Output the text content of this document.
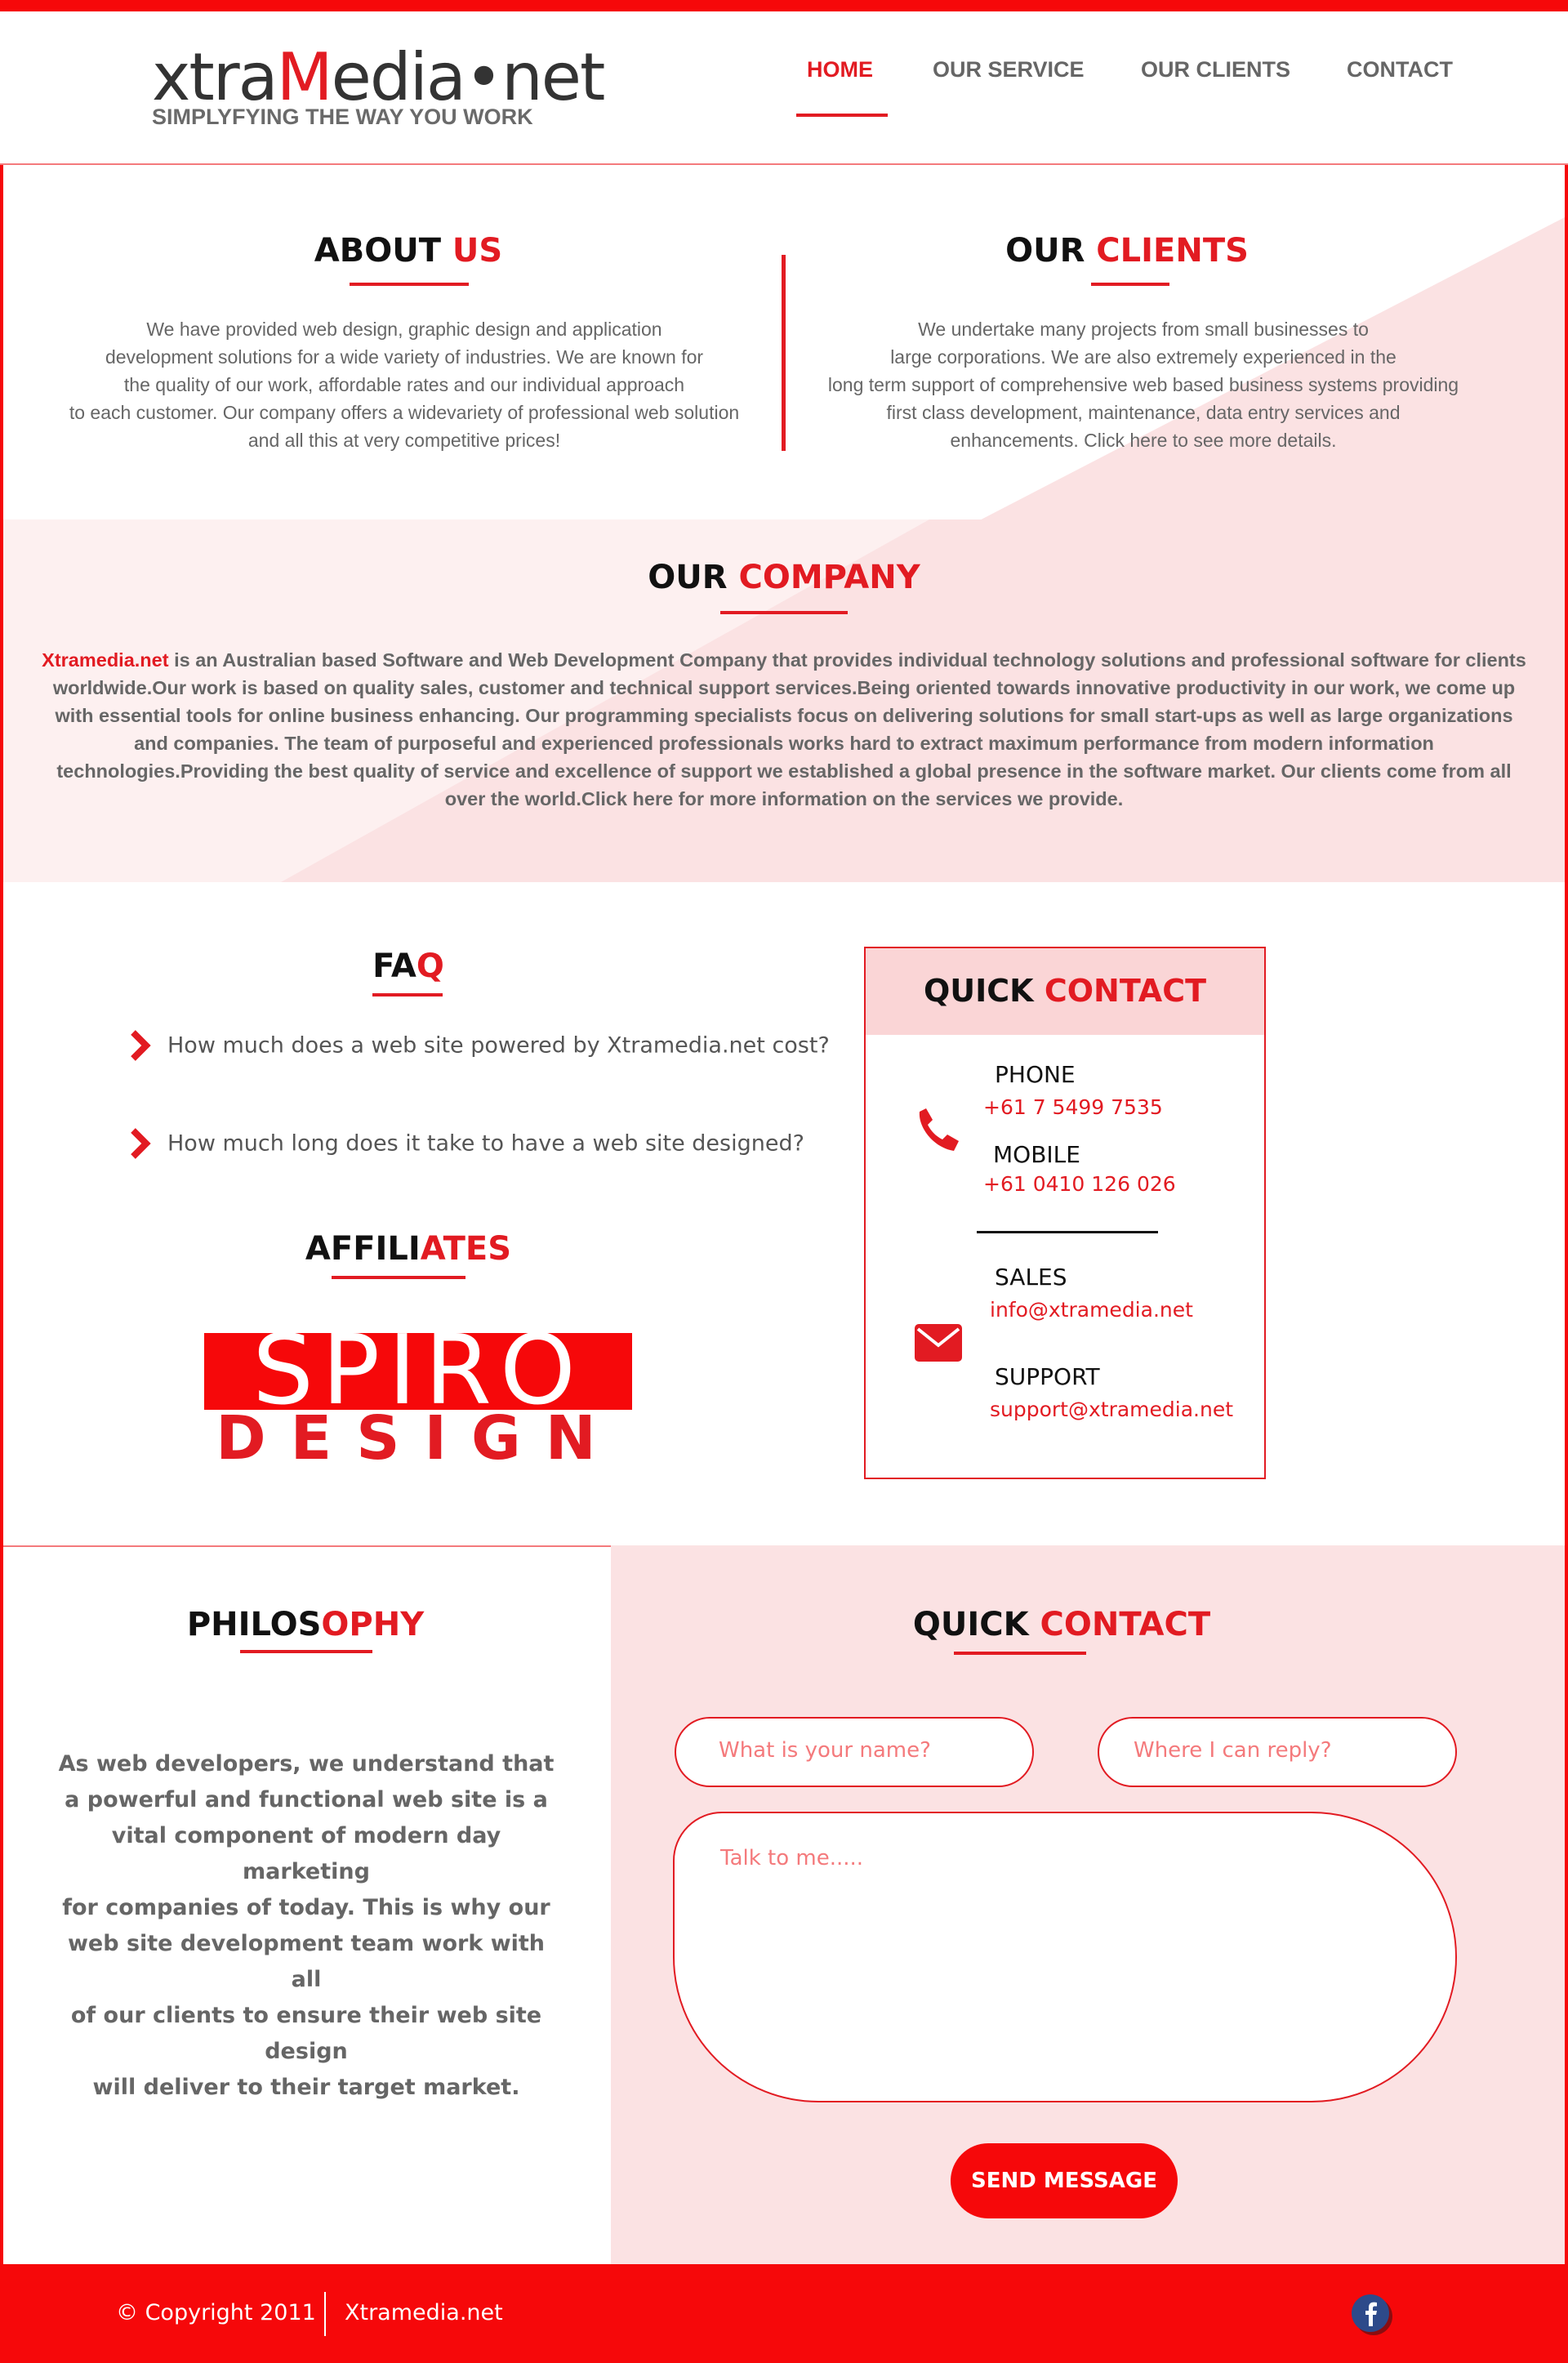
xtraMedia•net
SIMPLYFYING THE WAY YOU WORK
HOME	OUR SERVICE	OUR CLIENTS	CONTACT
ABOUT US
We have provided web design, graphic design and application
development solutions for a wide variety of industries. We are known for
the quality of our work, affordable rates and our individual approach
to each customer. Our company offers a widevariety of professional web solution
and all this at very competitive prices!
OUR CLIENTS
We undertake many projects from small businesses to
large corporations. We are also extremely experienced in the
long term support of comprehensive web based business systems providing
first class development, maintenance, data entry services and
enhancements. Click here to see more details.
OUR COMPANY
Xtramedia.net is an Australian based Software and Web Development Company that provides individual technology solutions and professional software for clients worldwide.Our work is based on quality sales, customer and technical support services.Being oriented towards innovative productivity in our work, we come up with essential tools for online business enhancing. Our programming specialists focus on delivering solutions for small start-ups as well as large organizations and companies. The team of purposeful and experienced professionals works hard to extract maximum performance from modern information technologies.Providing the best quality of service and excellence of support we established a global presence in the software market. Our clients come from all over the world.Click here for more information on the services we provide.
FAQ
How much does a web site powered by Xtramedia.net cost?
How much long does it take to have a web site designed?
AFFILIATES
SPIRO
DESIGN
QUICK CONTACT
PHONE
+61 7 5499 7535
MOBILE
+61 0410 126 026
SALES
info@xtramedia.net
SUPPORT
support@xtramedia.net
PHILOSOPHY
As web developers, we understand that
a powerful and functional web site is a
vital component of modern day marketing
for companies of today. This is why our
web site development team work with all
of our clients to ensure their web site design
will deliver to their target market.
QUICK CONTACT
What is your name?	Where I can reply?
Talk to me.....
SEND MESSAGE
© Copyright 2011 Xtramedia.net
